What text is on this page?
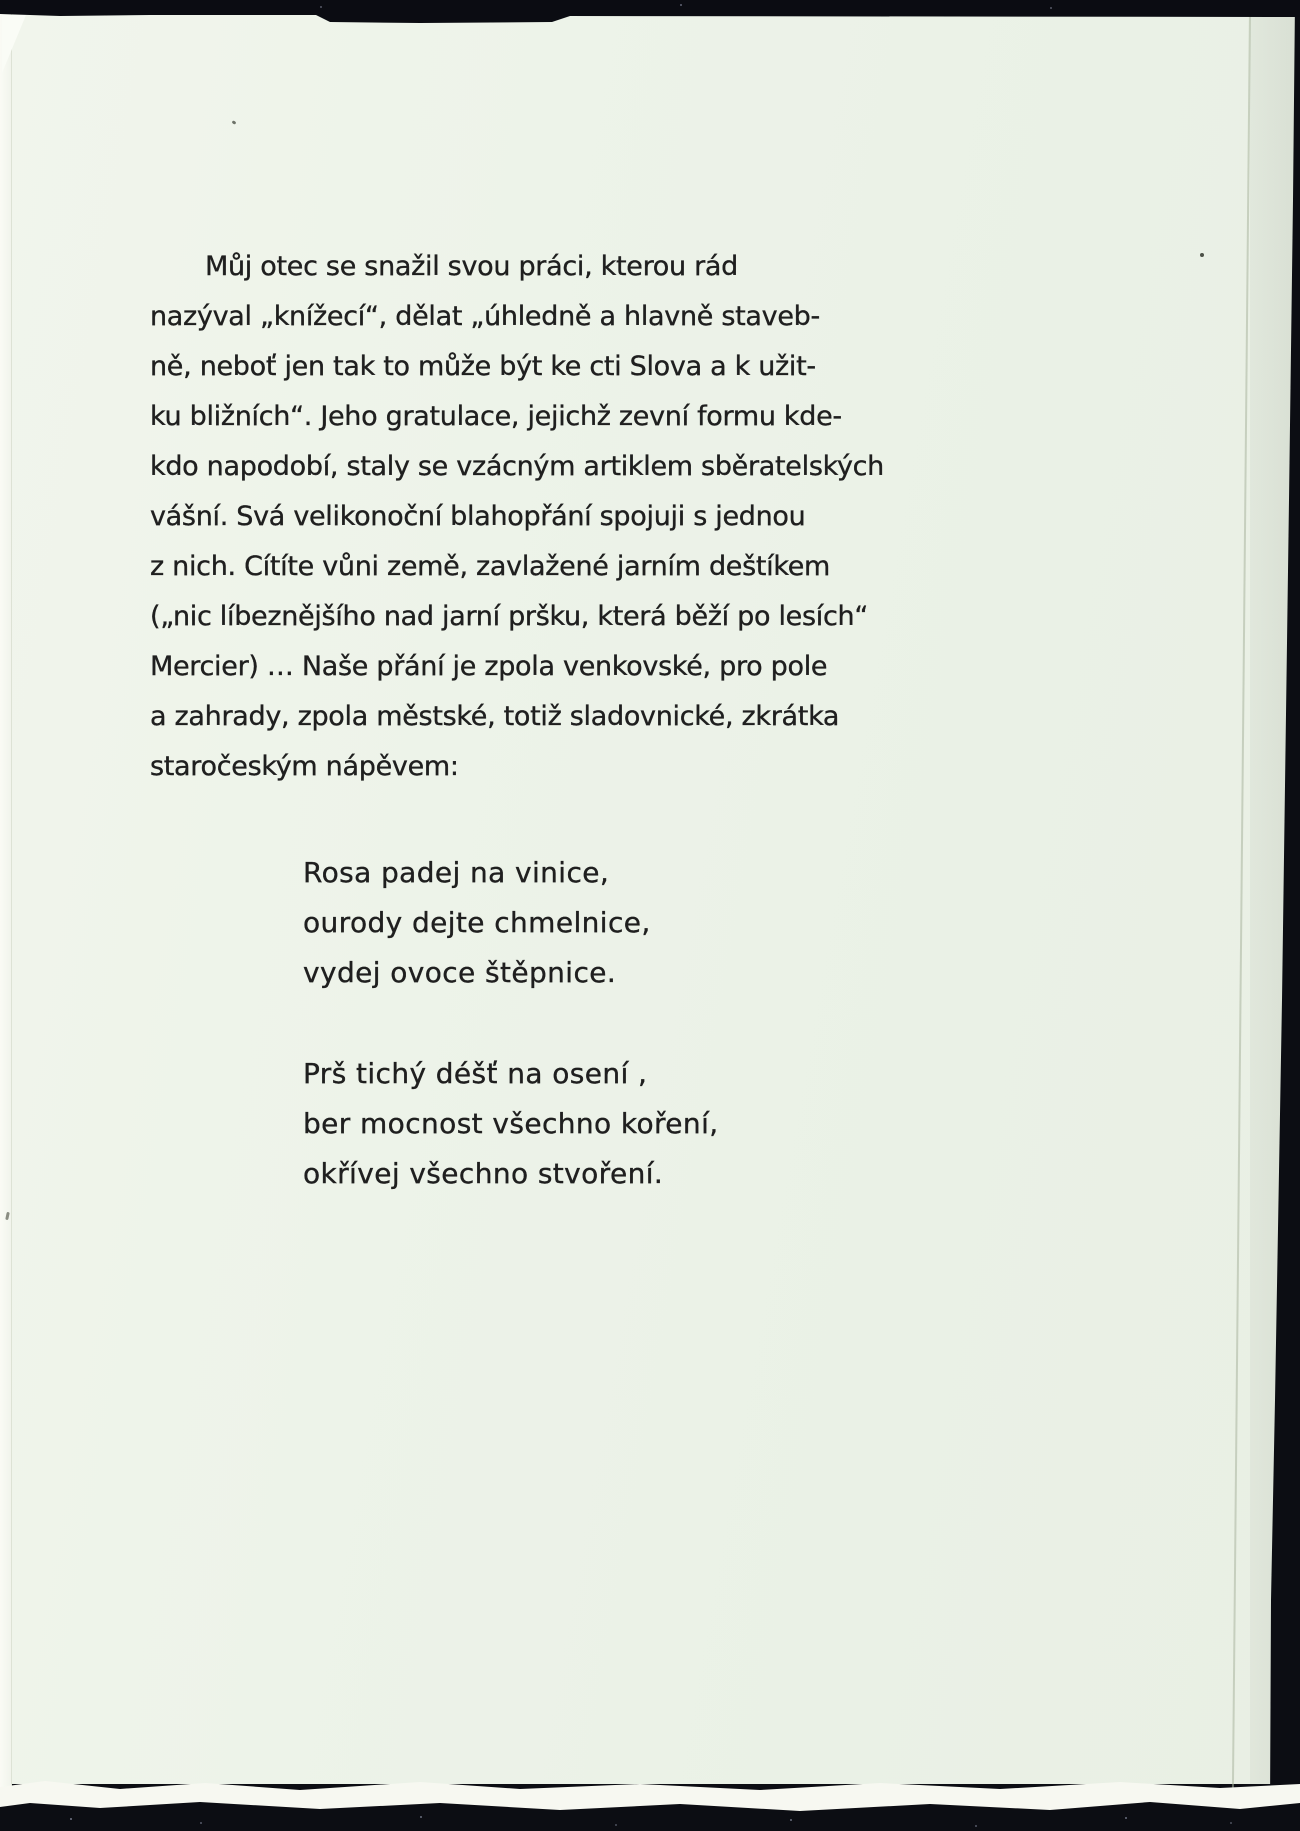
Můj otec se snažil svou práci, kterou rád
nazýval „knížecí“, dělat „úhledně a hlavně staveb-
ně, neboť jen tak to může být ke cti Slova a k užit-
ku bližních“. Jeho gratulace, jejichž zevní formu kde-
kdo napodobí, staly se vzácným artiklem sběratelských
vášní. Svá velikonoční blahopřání spojuji s jednou
z nich. Cítíte vůni země, zavlažené jarním deštíkem
(„nic líbeznějšího nad jarní pršku, která běží po lesích“
Mercier) … Naše přání je zpola venkovské, pro pole
a zahrady, zpola městské, totiž sladovnické, zkrátka
staročeským nápěvem:
Rosa padej na vinice,
ourody dejte chmelnice,
vydej ovoce štěpnice.
Prš tichý déšť na osení ,
ber mocnost všechno koření,
okřívej všechno stvoření.
